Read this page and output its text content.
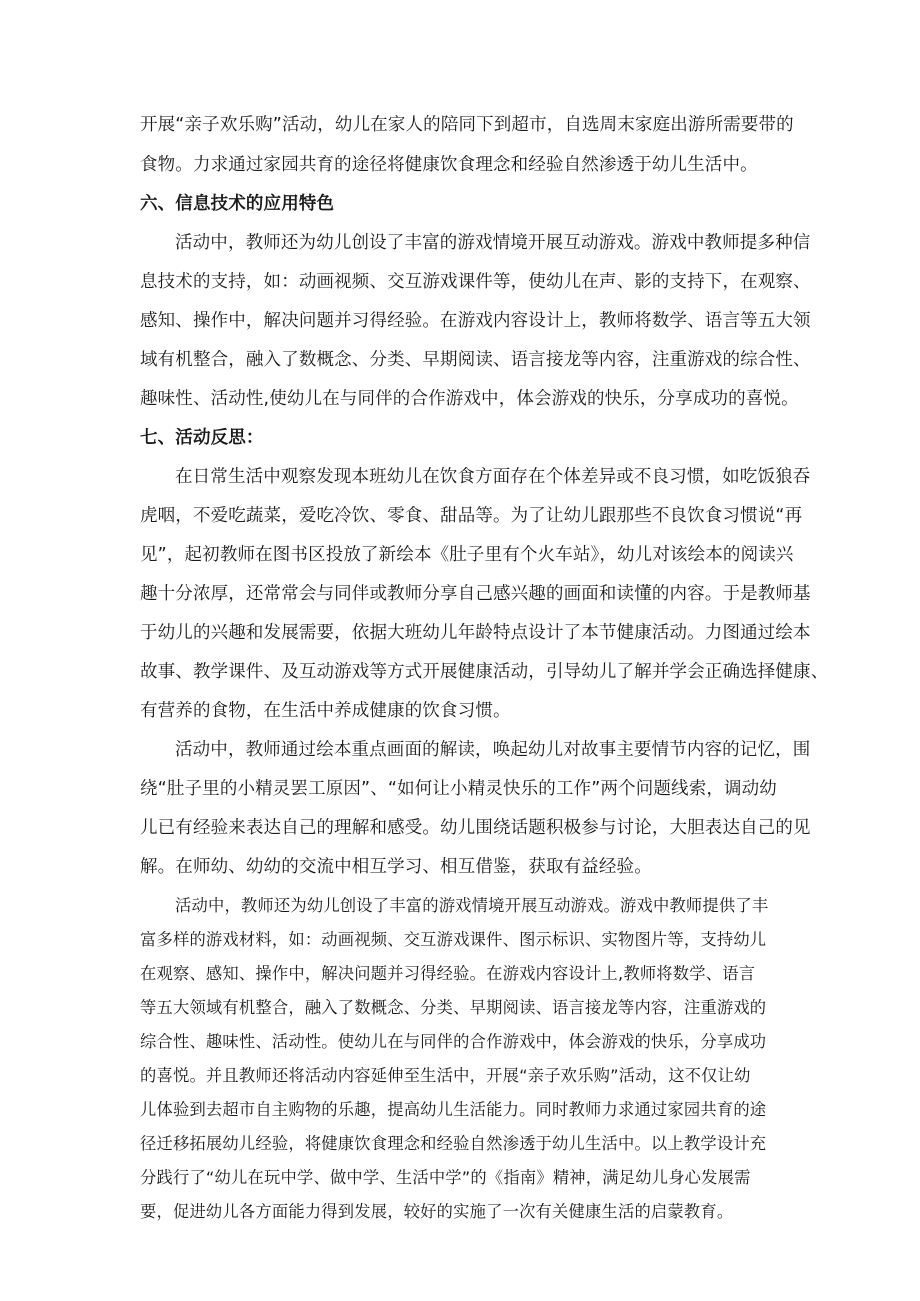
开展“亲子欢乐购”活动，幼儿在家人的陪同下到超市，自选周末家庭出游所需要带的
食物。力求通过家园共育的途径将健康饮食理念和经验自然渗透于幼儿生活中。
六、信息技术的应用特色
活动中，教师还为幼儿创设了丰富的游戏情境开展互动游戏。游戏中教师提多种信
息技术的支持，如：动画视频、交互游戏课件等，使幼儿在声、影的支持下，在观察、
感知、操作中，解决问题并习得经验。在游戏内容设计上，教师将数学、语言等五大领
域有机整合，融入了数概念、分类、早期阅读、语言接龙等内容，注重游戏的综合性、
趣味性、活动性,使幼儿在与同伴的合作游戏中，体会游戏的快乐，分享成功的喜悦。
七、活动反思：
在日常生活中观察发现本班幼儿在饮食方面存在个体差异或不良习惯，如吃饭狼吞
虎咽，不爱吃蔬菜，爱吃冷饮、零食、甜品等。为了让幼儿跟那些不良饮食习惯说“再
见”，起初教师在图书区投放了新绘本《肚子里有个火车站》，幼儿对该绘本的阅读兴
趣十分浓厚，还常常会与同伴或教师分享自己感兴趣的画面和读懂的内容。于是教师基
于幼儿的兴趣和发展需要，依据大班幼儿年龄特点设计了本节健康活动。力图通过绘本
故事、教学课件、及互动游戏等方式开展健康活动，引导幼儿了解并学会正确选择健康、
有营养的食物，在生活中养成健康的饮食习惯。
活动中，教师通过绘本重点画面的解读，唤起幼儿对故事主要情节内容的记忆，围
绕“肚子里的小精灵罢工原因”、“如何让小精灵快乐的工作”两个问题线索，调动幼
儿已有经验来表达自己的理解和感受。幼儿围绕话题积极参与讨论，大胆表达自己的见
解。在师幼、幼幼的交流中相互学习、相互借鉴，获取有益经验。
活动中，教师还为幼儿创设了丰富的游戏情境开展互动游戏。游戏中教师提供了丰
富多样的游戏材料，如：动画视频、交互游戏课件、图示标识、实物图片等，支持幼儿
在观察、感知、操作中，解决问题并习得经验。在游戏内容设计上,教师将数学、语言
等五大领域有机整合，融入了数概念、分类、早期阅读、语言接龙等内容，注重游戏的
综合性、趣味性、活动性。使幼儿在与同伴的合作游戏中，体会游戏的快乐，分享成功
的喜悦。并且教师还将活动内容延伸至生活中，开展“亲子欢乐购”活动，这不仅让幼
儿体验到去超市自主购物的乐趣，提高幼儿生活能力。同时教师力求通过家园共育的途
径迁移拓展幼儿经验，将健康饮食理念和经验自然渗透于幼儿生活中。以上教学设计充
分践行了“幼儿在玩中学、做中学、生活中学”的《指南》精神，满足幼儿身心发展需
要，促进幼儿各方面能力得到发展，较好的实施了一次有关健康生活的启蒙教育。
